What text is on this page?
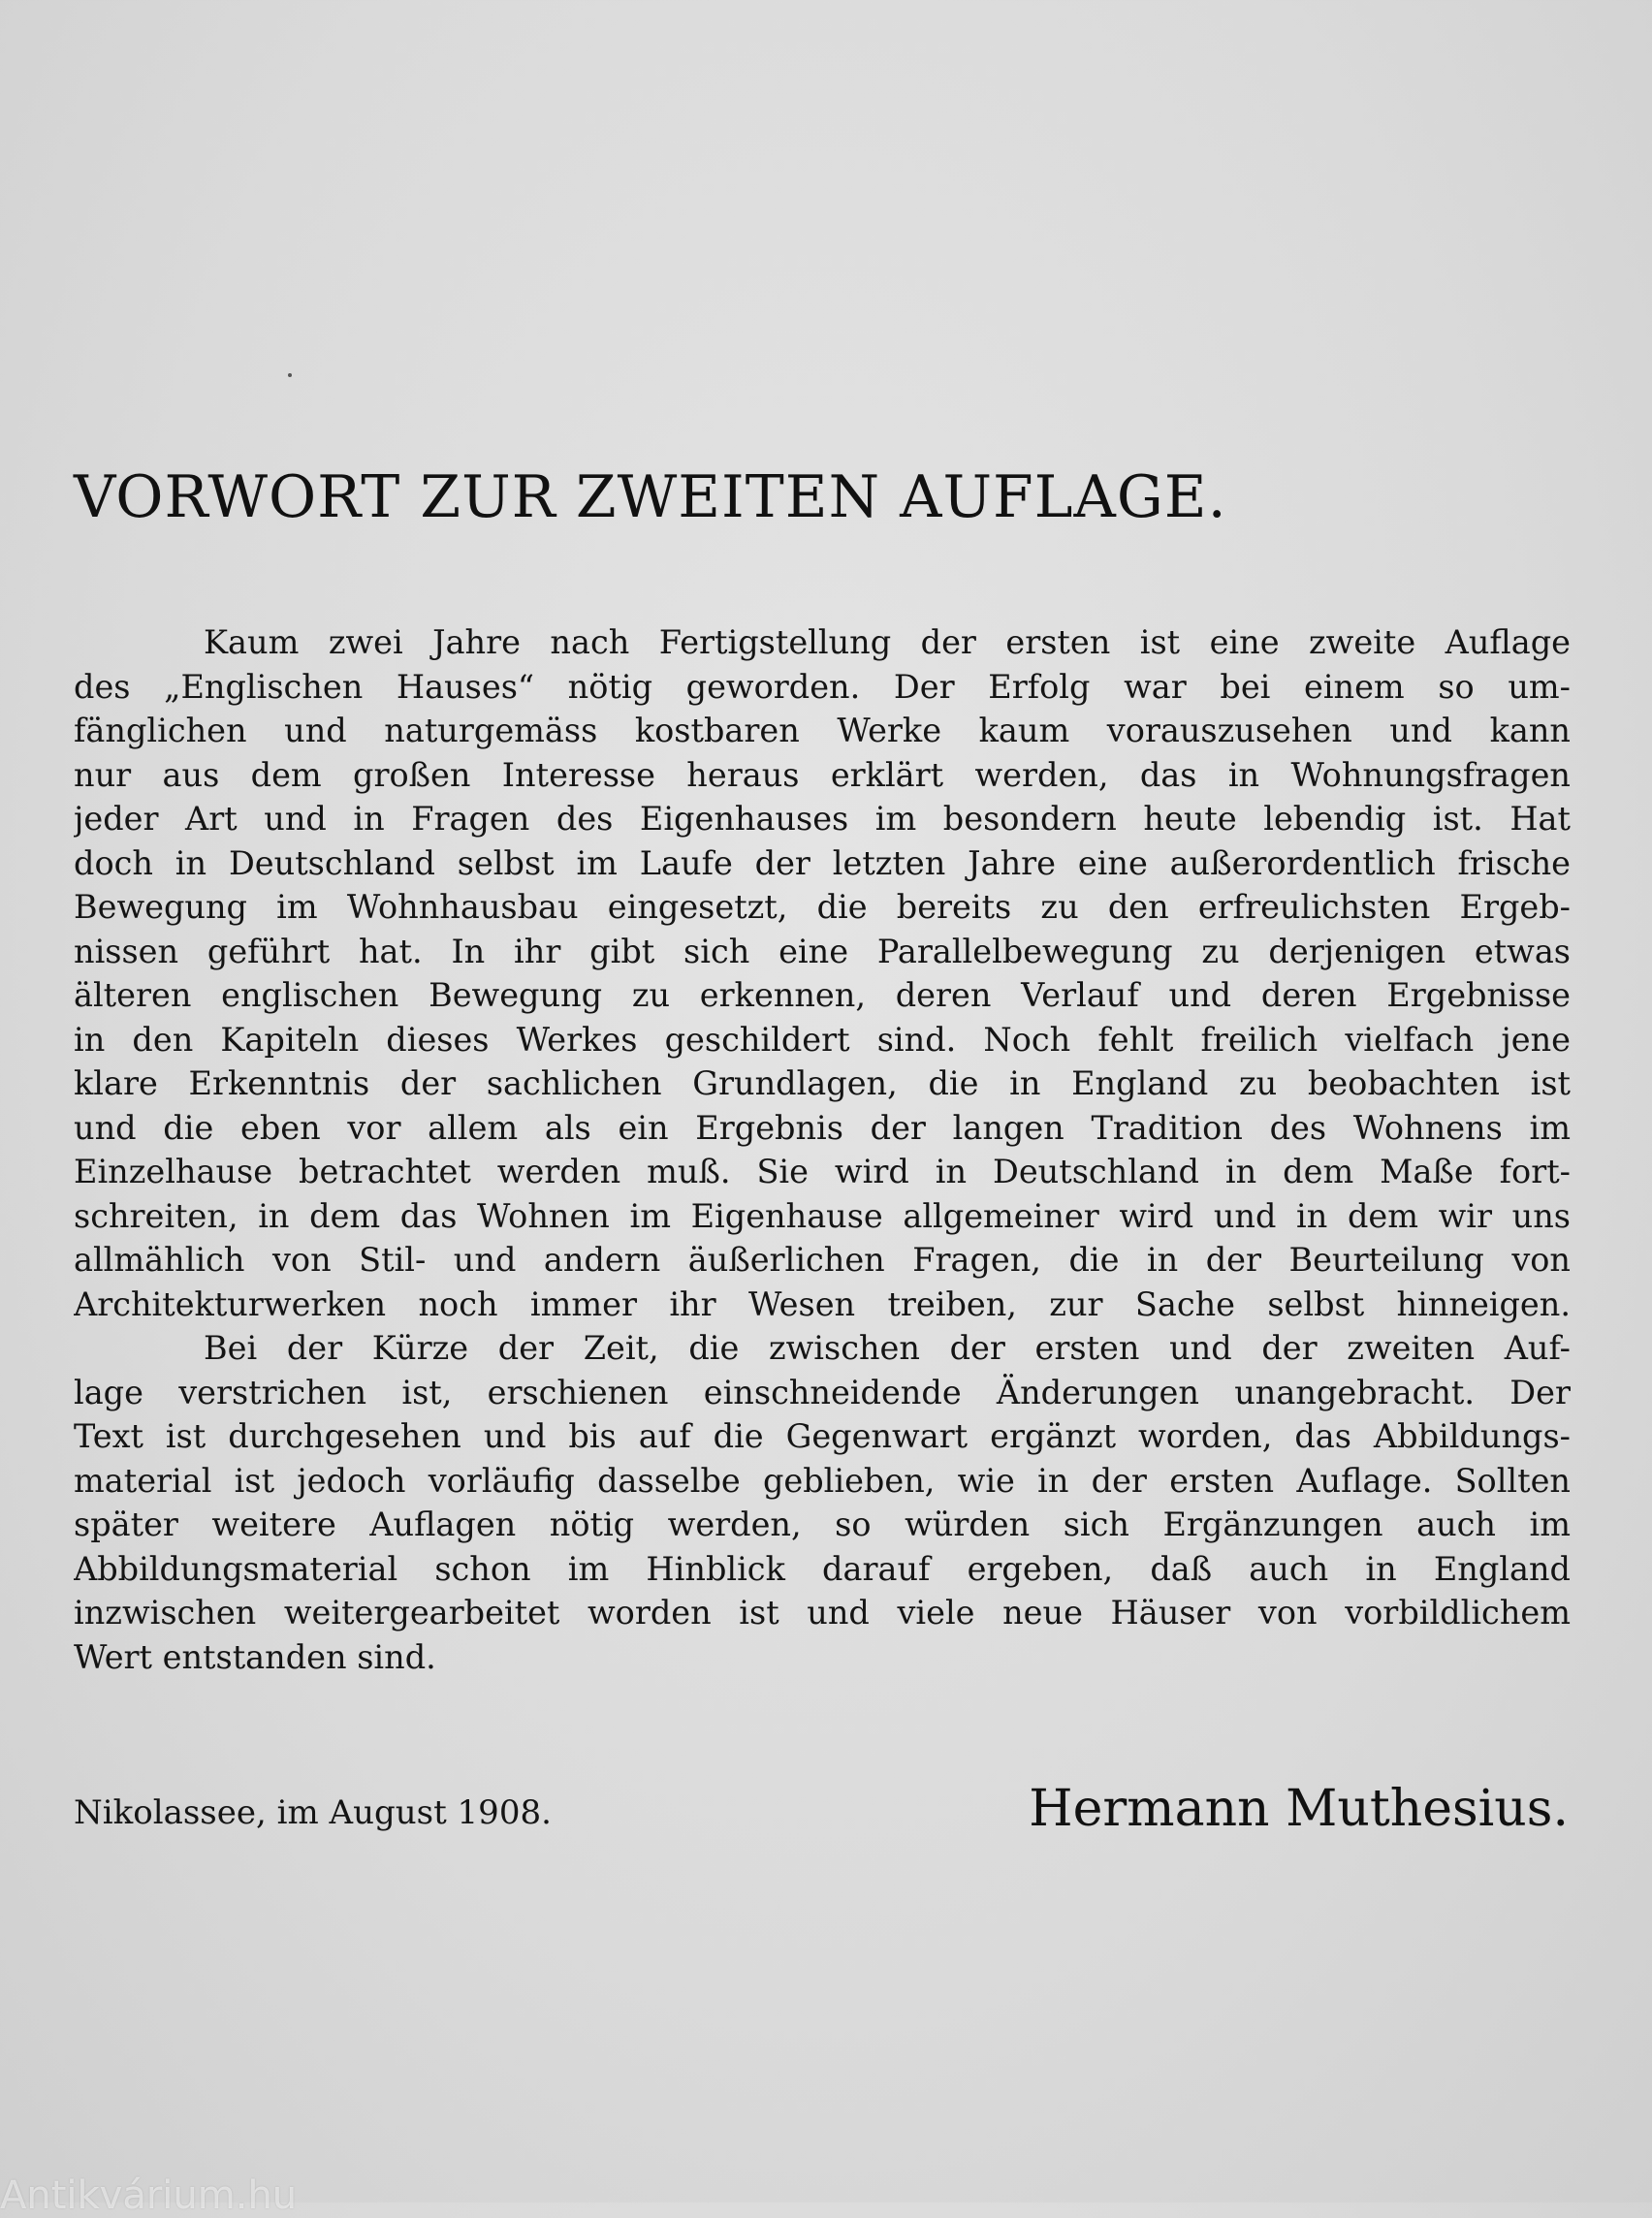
VORWORT ZUR ZWEITEN AUFLAGE.
Kaum zwei Jahre nach Fertigstellung der ersten ist eine zweite Auflage
des „Englischen Hauses“ nötig geworden. Der Erfolg war bei einem so um-
fänglichen und naturgemäss kostbaren Werke kaum vorauszusehen und kann
nur aus dem großen Interesse heraus erklärt werden, das in Wohnungsfragen
jeder Art und in Fragen des Eigenhauses im besondern heute lebendig ist. Hat
doch in Deutschland selbst im Laufe der letzten Jahre eine außerordentlich frische
Bewegung im Wohnhausbau eingesetzt, die bereits zu den erfreulichsten Ergeb-
nissen geführt hat. In ihr gibt sich eine Parallelbewegung zu derjenigen etwas
älteren englischen Bewegung zu erkennen, deren Verlauf und deren Ergebnisse
in den Kapiteln dieses Werkes geschildert sind. Noch fehlt freilich vielfach jene
klare Erkenntnis der sachlichen Grundlagen, die in England zu beobachten ist
und die eben vor allem als ein Ergebnis der langen Tradition des Wohnens im
Einzelhause betrachtet werden muß. Sie wird in Deutschland in dem Maße fort-
schreiten, in dem das Wohnen im Eigenhause allgemeiner wird und in dem wir uns
allmählich von Stil- und andern äußerlichen Fragen, die in der Beurteilung von
Architekturwerken noch immer ihr Wesen treiben, zur Sache selbst hinneigen.
Bei der Kürze der Zeit, die zwischen der ersten und der zweiten Auf-
lage verstrichen ist, erschienen einschneidende Änderungen unangebracht. Der
Text ist durchgesehen und bis auf die Gegenwart ergänzt worden, das Abbildungs-
material ist jedoch vorläufig dasselbe geblieben, wie in der ersten Auflage. Sollten
später weitere Auflagen nötig werden, so würden sich Ergänzungen auch im
Abbildungsmaterial schon im Hinblick darauf ergeben, daß auch in England
inzwischen weitergearbeitet worden ist und viele neue Häuser von vorbildlichem
Wert entstanden sind.
Nikolassee, im August 1908.	Hermann Muthesius.
Antikvárium.hu
